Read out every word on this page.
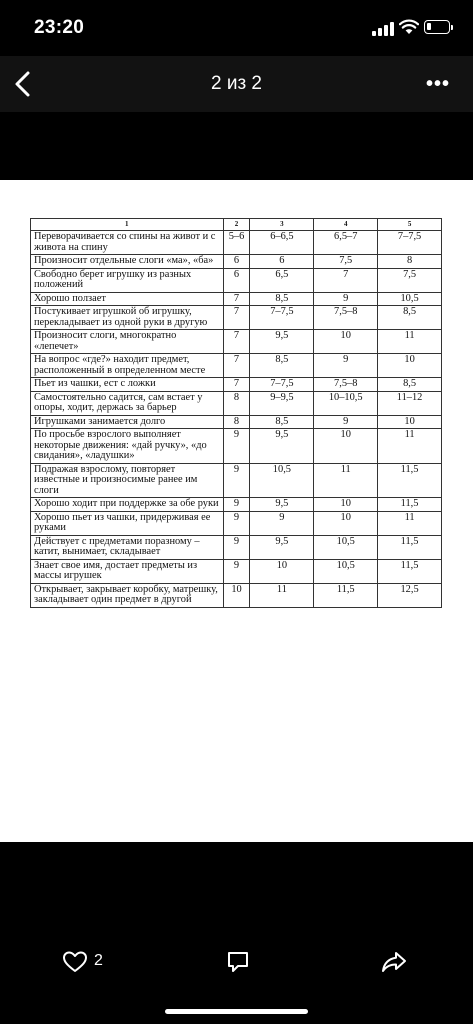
23:20
2 из 2	•••
1	2	3	4	5
Переворачивается со спины на живот и с живота на спину	5–6	6–6,5	6,5–7	7–7,5
Произносит отдельные слоги «ма», «ба»	6	6	7,5	8
Свободно берет игрушку из разных положений	6	6,5	7	7,5
Хорошо ползает	7	8,5	9	10,5
Постукивает игрушкой об игрушку, перекладывает из одной руки в другую	7	7–7,5	7,5–8	8,5
Произносит слоги, многократно «лепечет»	7	9,5	10	11
На вопрос «где?» находит предмет, расположенный в определенном месте	7	8,5	9	10
Пьет из чашки, ест с ложки	7	7–7,5	7,5–8	8,5
Самостоятельно садится, сам встает у опоры, ходит, держась за барьер	8	9–9,5	10–10,5	11–12
Игрушками занимается долго	8	8,5	9	10
По просьбе взрослого выполняет некоторые движения: «дай ручку», «до свидания», «ладушки»	9	9,5	10	11
Подражая взрослому, повторяет известные и произносимые ранее им слоги	9	10,5	11	11,5
Хорошо ходит при поддержке за обе руки	9	9,5	10	11,5
Хорошо пьет из чашки, придерживая ее руками	9	9	10	11
Действует с предметами поразному – катит, вынимает, складывает	9	9,5	10,5	11,5
Знает свое имя, достает предметы из массы игрушек	9	10	10,5	11,5
Открывает, закрывает коробку, матрешку, закладывает один предмет в другой	10	11	11,5	12,5
2
